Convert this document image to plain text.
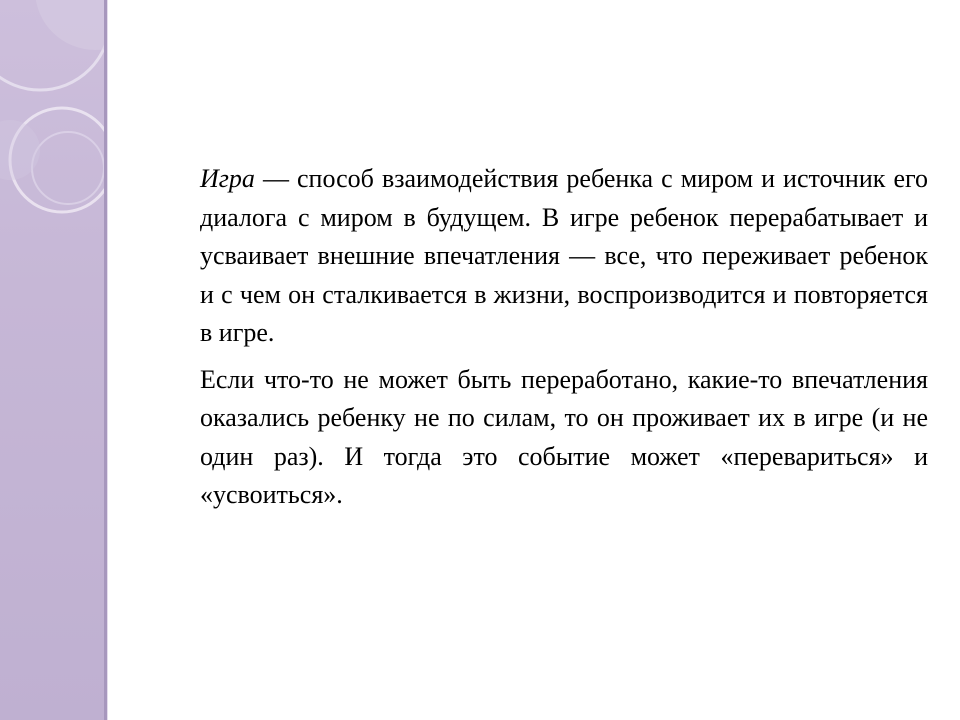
Игра — способ взаимодействия ребенка с миром и источник его диалога с миром в будущем. В игре ребенок перерабатывает и усваивает внешние впечатления — все, что переживает ребенок и с чем он сталкивается в жизни, воспроизводится и повторяется в игре.

Если что-то не может быть переработано, какие-то впечатления оказались ребенку не по силам, то он проживает их в игре (и не один раз). И тогда это событие может «перевариться» и «усвоиться».
